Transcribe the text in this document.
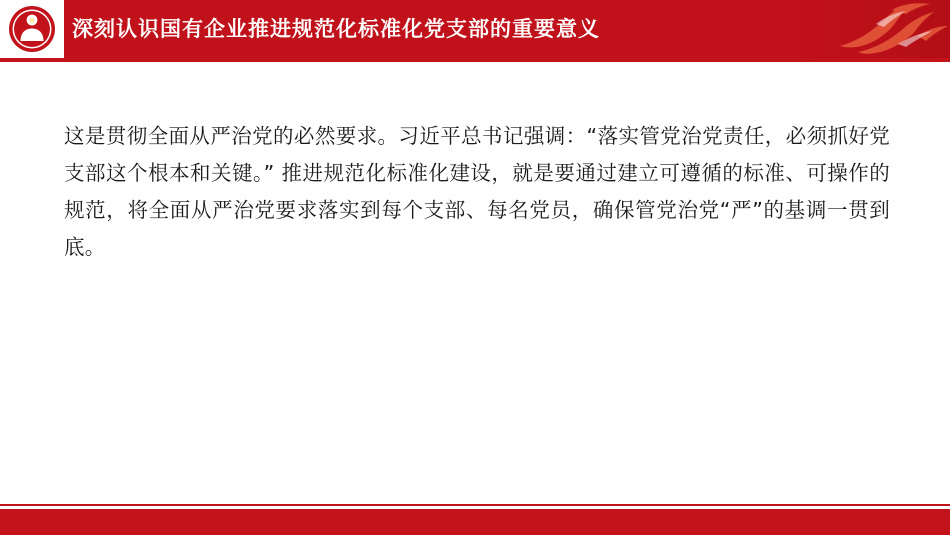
深刻认识国有企业推进规范化标准化党支部的重要意义

这是贯彻全面从严治党的必然要求。习近平总书记强调：“落实管党治党责任，必须抓好党支部这个根本和关键。” 推进规范化标准化建设，就是要通过建立可遵循的标准、可操作的规范，将全面从严治党要求落实到每个支部、每名党员，确保管党治党“严”的基调一贯到底。
